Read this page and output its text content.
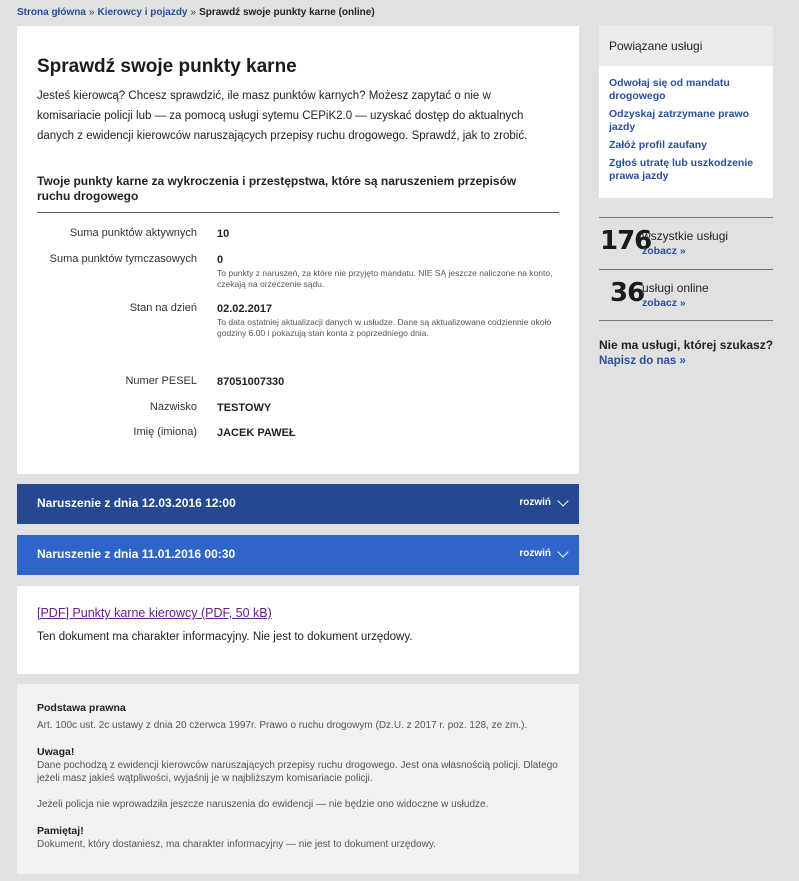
Strona główna » Kierowcy i pojazdy » Sprawdź swoje punkty karne (online)
Sprawdź swoje punkty karne

Jesteś kierowcą? Chcesz sprawdzić, ile masz punktów karnych? Możesz zapytać o nie w komisariacie policji lub — za pomocą usługi sytemu CEPiK2.0 — uzyskać dostęp do aktualnych danych z ewidencji kierowców naruszających przepisy ruchu drogowego. Sprawdź, jak to zrobić.

Twoje punkty karne za wykroczenia i przestępstwa, które są naruszeniem przepisów ruchu drogowego
Suma punktów aktywnych 10
Suma punktów tymczasowych 0
To punkty z naruszeń, za które nie przyjęto mandatu. NIE SĄ jeszcze naliczone na konto, czekają na orzeczenie sądu.
Stan na dzień 02.02.2017
To data ostatniej aktualizacji danych w usłudze. Dane są aktualizowane codziennie około godziny 6.00 i pokazują stan konta z poprzedniego dnia.
Numer PESEL 87051007330
Nazwisko TESTOWY
Imię (imiona) JACEK PAWEŁ
Naruszenie z dnia 12.03.2016 12:00	rozwiń
Naruszenie z dnia 11.01.2016 00:30	rozwiń
[PDF] Punkty karne kierowcy (PDF, 50 kB)

Ten dokument ma charakter informacyjny. Nie jest to dokument urzędowy.

Podstawa prawna

Art. 100c ust. 2c ustawy z dnia 20 czerwca 1997r. Prawo o ruchu drogowym (Dz.U. z 2017 r. poz. 128, ze zm.).

Uwaga!

Dane pochodzą z ewidencji kierowców naruszających przepisy ruchu drogowego. Jest ona własnością policji. Dlatego jeżeli masz jakieś wątpliwości, wyjaśnij je w najbliższym komisariacie policji.

Jeżeli policja nie wprowadziła jeszcze naruszenia do ewidencji — nie będzie ono widoczne w usłudze.

Pamiętaj!

Dokument, który dostaniesz, ma charakter informacyjny — nie jest to dokument urzędowy.

Powiązane usługi
Odwołaj się od mandatu drogowego
Odzyskaj zatrzymane prawo jazdy
Załóż profil zaufany
Zgłoś utratę lub uszkodzenie prawa jazdy
176
wszystkie usługi
zobacz »
36
usługi online
zobacz »
Nie ma usługi, której szukasz?
Napisz do nas »
